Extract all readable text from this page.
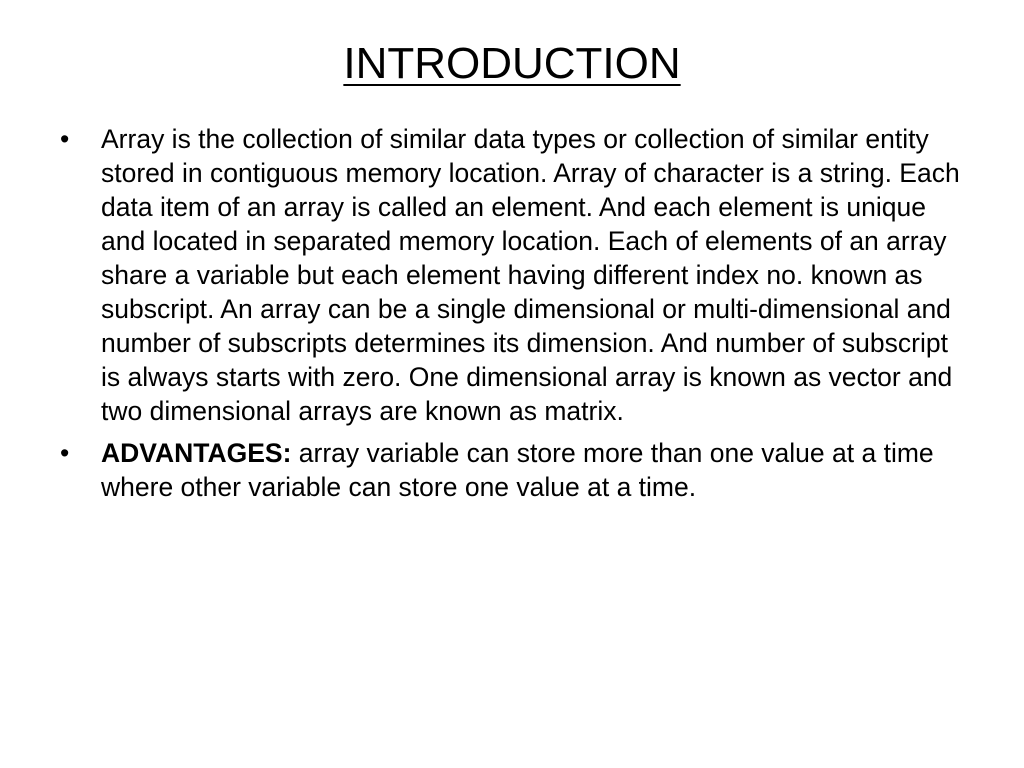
INTRODUCTION
•	Array is the collection of similar data types or collection of similar entity stored in contiguous memory location. Array of character is a string. Each data item of an array is called an element. And each element is unique and located in separated memory location. Each of elements of an array share a variable but each element having different index no. known as subscript. An array can be a single dimensional or multi-dimensional and number of subscripts determines its dimension. And number of subscript is always starts with zero. One dimensional array is known as vector and two dimensional arrays are known as matrix.
•	ADVANTAGES: array variable can store more than one value at a time where other variable can store one value at a time.
